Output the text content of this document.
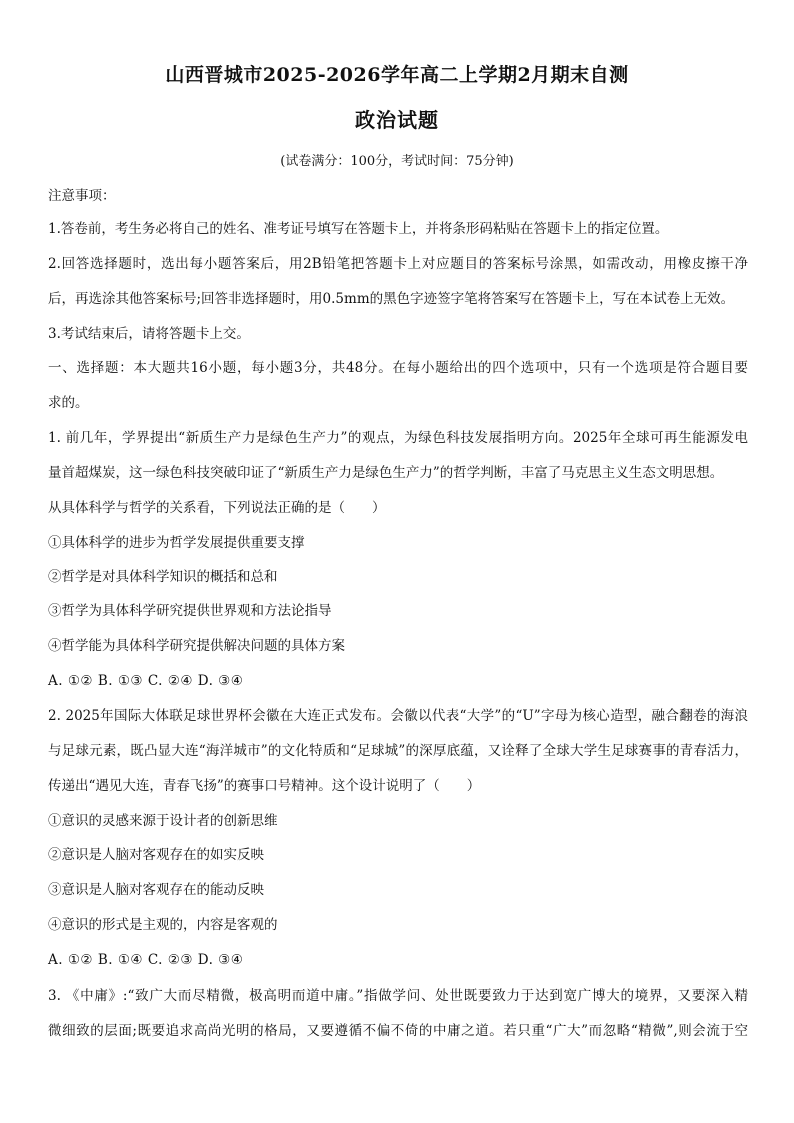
山西晋城市2025-2026学年高二上学期2月期末自测
政治试题
(试卷满分：100分，考试时间：75分钟)
注意事项：
1.答卷前，考生务必将自己的姓名、准考证号填写在答题卡上，并将条形码粘贴在答题卡上的指定位置。
2.回答选择题时，选出每小题答案后，用2B铅笔把答题卡上对应题目的答案标号涂黑，如需改动，用橡皮擦干净
后，再选涂其他答案标号;回答非选择题时，用0.5mm的黑色字迹签字笔将答案写在答题卡上，写在本试卷上无效。
3.考试结束后，请将答题卡上交。
一、选择题：本大题共16小题，每小题3分，共48分。在每小题给出的四个选项中，只有一个选项是符合题目要
求的。
1. 前几年，学界提出“新质生产力是绿色生产力”的观点，为绿色科技发展指明方向。2025年全球可再生能源发电
量首超煤炭，这一绿色科技突破印证了“新质生产力是绿色生产力”的哲学判断，丰富了马克思主义生态文明思想。
从具体科学与哲学的关系看，下列说法正确的是（　　）
①具体科学的进步为哲学发展提供重要支撑
②哲学是对具体科学知识的概括和总和
③哲学为具体科学研究提供世界观和方法论指导
④哲学能为具体科学研究提供解决问题的具体方案
A. ①② B. ①③ C. ②④ D. ③④
2. 2025年国际大体联足球世界杯会徽在大连正式发布。会徽以代表“大学”的“U”字母为核心造型，融合翻卷的海浪
与足球元素，既凸显大连“海洋城市”的文化特质和“足球城”的深厚底蕴，又诠释了全球大学生足球赛事的青春活力，
传递出“遇见大连，青春飞扬”的赛事口号精神。这个设计说明了（　　）
①意识的灵感来源于设计者的创新思维
②意识是人脑对客观存在的如实反映
③意识是人脑对客观存在的能动反映
④意识的形式是主观的，内容是客观的
A. ①② B. ①④ C. ②③ D. ③④
3. 《中庸》:“致广大而尽精微，极高明而道中庸。”指做学问、处世既要致力于达到宽广博大的境界，又要深入精
微细致的层面;既要追求高尚光明的格局，又要遵循不偏不倚的中庸之道。若只重“广大”而忽略“精微”,则会流于空
